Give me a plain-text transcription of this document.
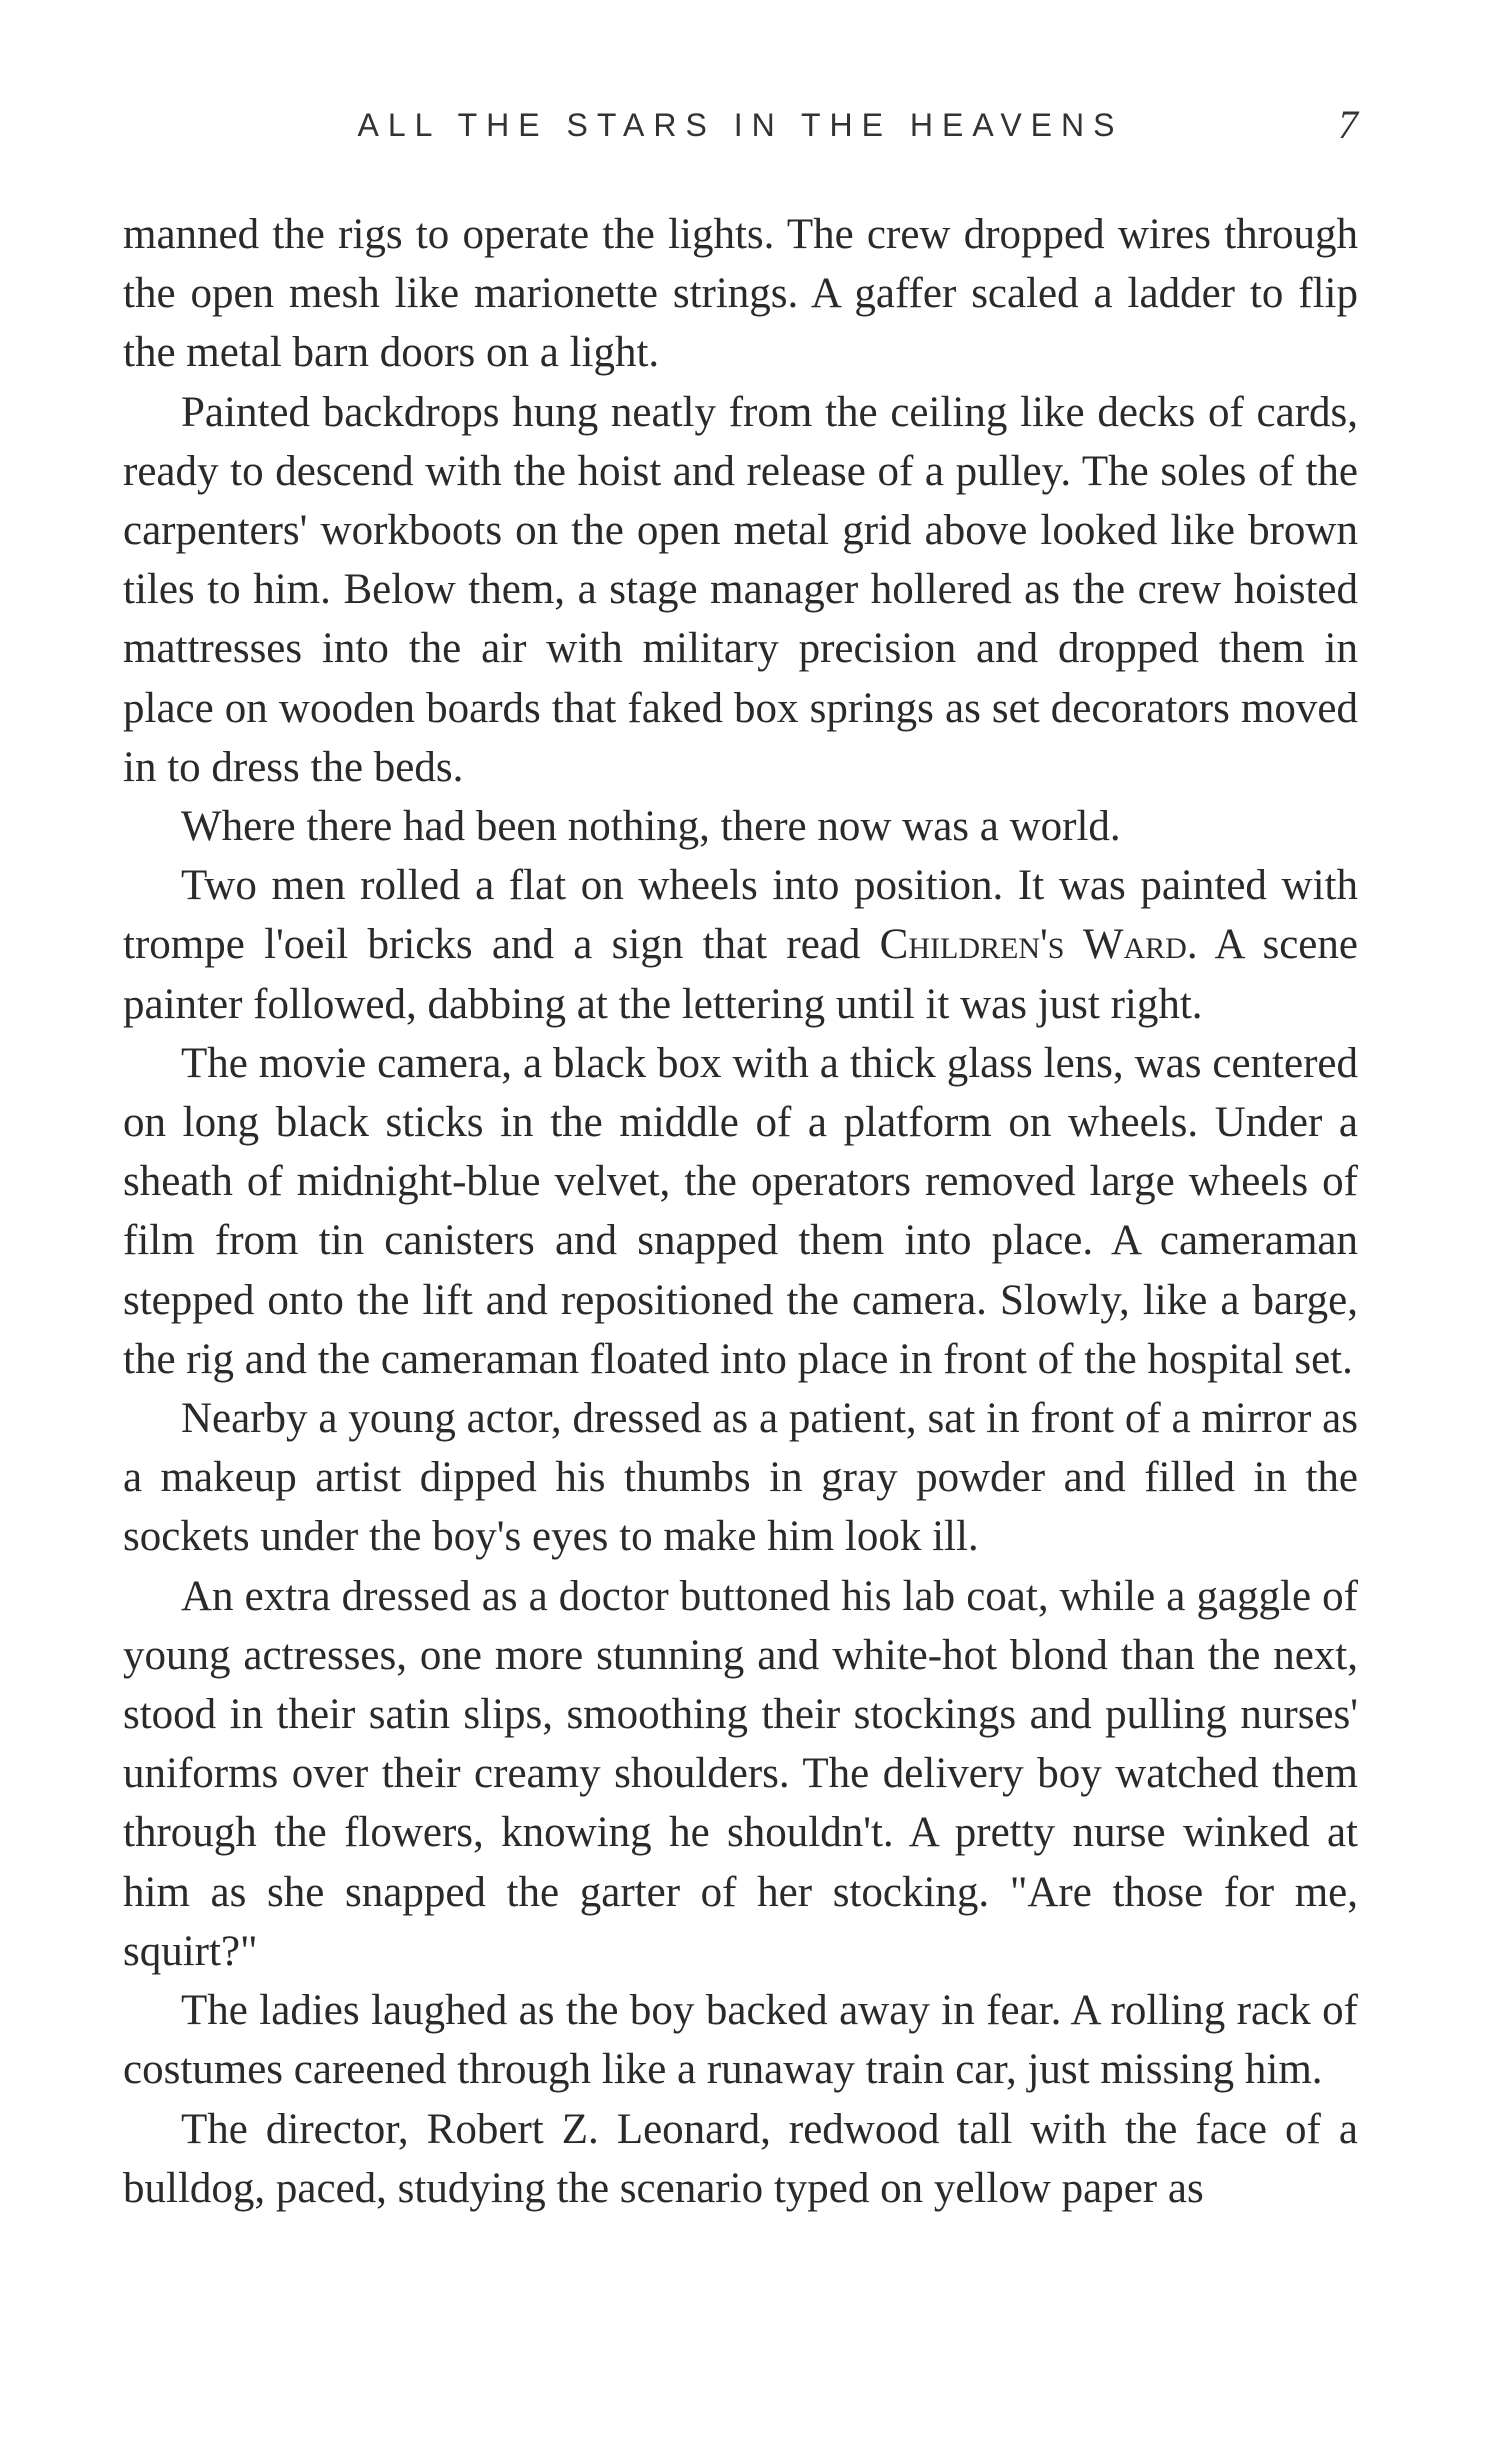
ALL THE STARS IN THE HEAVENS	7

manned the rigs to operate the lights. The crew dropped wires through the open mesh like marionette strings. A gaffer scaled a ladder to flip the metal barn doors on a light.

Painted backdrops hung neatly from the ceiling like decks of cards, ready to descend with the hoist and release of a pulley. The soles of the carpenters' workboots on the open metal grid above looked like brown tiles to him. Below them, a stage manager hollered as the crew hoisted mattresses into the air with military precision and dropped them in place on wooden boards that faked box springs as set decorators moved in to dress the beds.

Where there had been nothing, there now was a world.

Two men rolled a flat on wheels into position. It was painted with trompe l'oeil bricks and a sign that read Children's Ward. A scene painter followed, dabbing at the lettering until it was just right.

The movie camera, a black box with a thick glass lens, was centered on long black sticks in the middle of a platform on wheels. Under a sheath of midnight-blue velvet, the operators removed large wheels of film from tin canisters and snapped them into place. A cameraman stepped onto the lift and repositioned the camera. Slowly, like a barge, the rig and the cameraman floated into place in front of the hospital set.

Nearby a young actor, dressed as a patient, sat in front of a mirror as a makeup artist dipped his thumbs in gray powder and filled in the sockets under the boy's eyes to make him look ill.

An extra dressed as a doctor buttoned his lab coat, while a gaggle of young actresses, one more stunning and white-hot blond than the next, stood in their satin slips, smoothing their stockings and pulling nurses' uniforms over their creamy shoulders. The delivery boy watched them through the flowers, knowing he shouldn't. A pretty nurse winked at him as she snapped the garter of her stocking. "Are those for me, squirt?"

The ladies laughed as the boy backed away in fear. A rolling rack of costumes careened through like a runaway train car, just missing him.

The director, Robert Z. Leonard, redwood tall with the face of a bulldog, paced, studying the scenario typed on yellow paper as
